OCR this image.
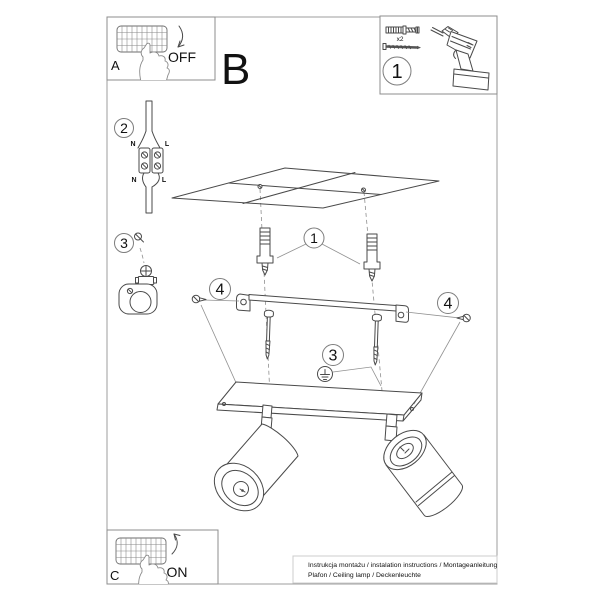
Instrukcja montażu / instalation instructions / Montageanleitung
Plafon / Ceiling lamp / Deckenleuchte
1
4
4
3
2
N	L
N	L
3
OFF
A B
x2
1
ON
C
